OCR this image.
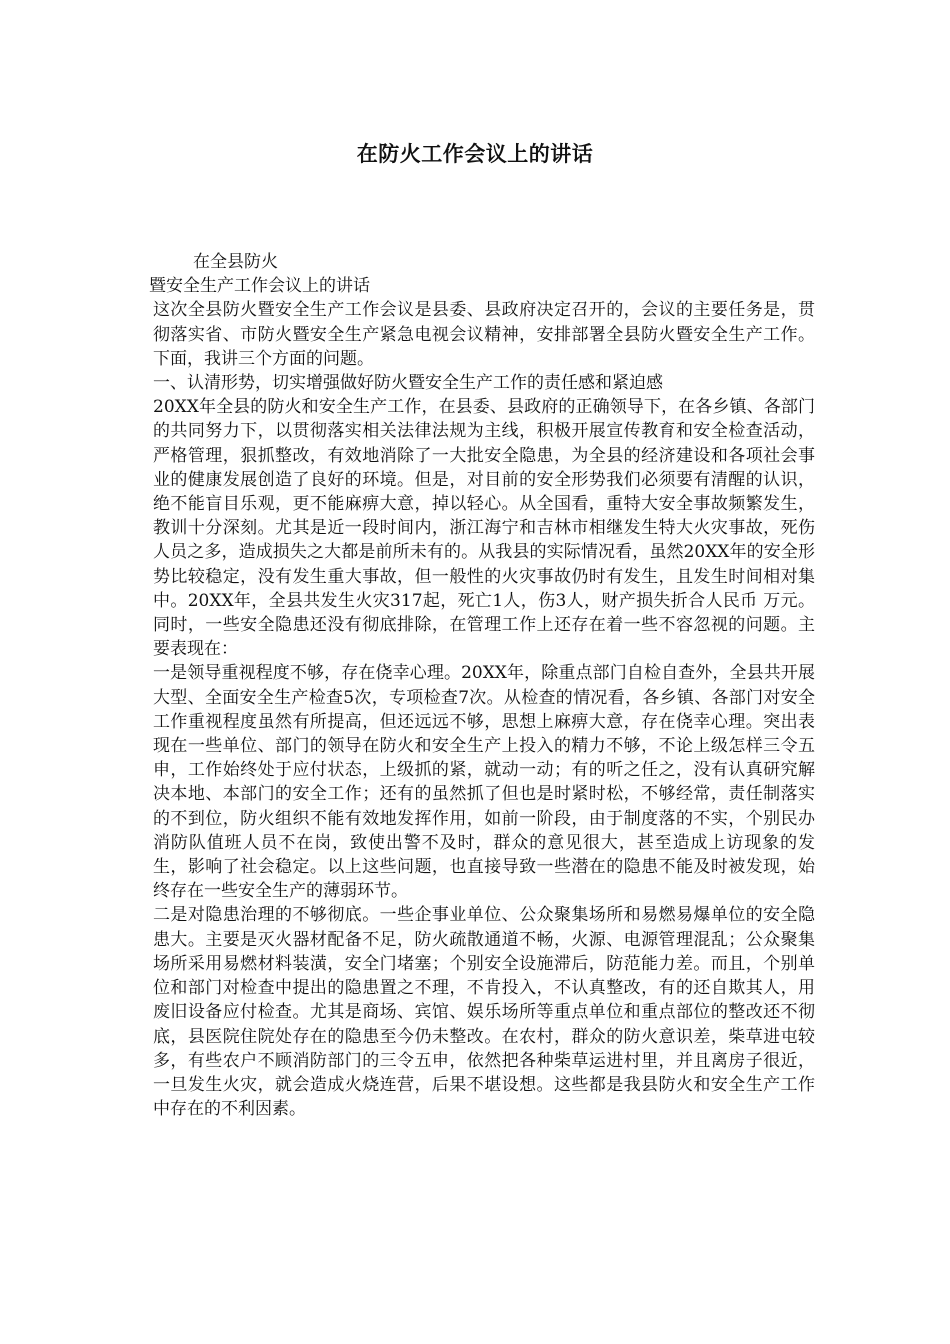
在防火工作会议上的讲话

在全县防火

暨安全生产工作会议上的讲话

这次全县防火暨安全生产工作会议是县委、县政府决定召开的，会议的主要任务是，贯彻落实省、市防火暨安全生产紧急电视会议精神，安排部署全县防火暨安全生产工作。下面，我讲三个方面的问题。

一、认清形势，切实增强做好防火暨安全生产工作的责任感和紧迫感

20XX年全县的防火和安全生产工作，在县委、县政府的正确领导下，在各乡镇、各部门的共同努力下，以贯彻落实相关法律法规为主线，积极开展宣传教育和安全检查活动，严格管理，狠抓整改，有效地消除了一大批安全隐患，为全县的经济建设和各项社会事业的健康发展创造了良好的环境。但是，对目前的安全形势我们必须要有清醒的认识，绝不能盲目乐观，更不能麻痹大意，掉以轻心。从全国看，重特大安全事故频繁发生，教训十分深刻。尤其是近一段时间内，浙江海宁和吉林市相继发生特大火灾事故，死伤人员之多，造成损失之大都是前所未有的。从我县的实际情况看，虽然20XX年的安全形势比较稳定，没有发生重大事故，但一般性的火灾事故仍时有发生，且发生时间相对集中。20XX年，全县共发生火灾317起，死亡1人，伤3人，财产损失折合人民币 万元。同时，一些安全隐患还没有彻底排除，在管理工作上还存在着一些不容忽视的问题。主要表现在：

一是领导重视程度不够，存在侥幸心理。20XX年，除重点部门自检自查外，全县共开展大型、全面安全生产检查5次，专项检查7次。从检查的情况看，各乡镇、各部门对安全工作重视程度虽然有所提高，但还远远不够，思想上麻痹大意，存在侥幸心理。突出表现在一些单位、部门的领导在防火和安全生产上投入的精力不够，不论上级怎样三令五申，工作始终处于应付状态，上级抓的紧，就动一动；有的听之任之，没有认真研究解决本地、本部门的安全工作；还有的虽然抓了但也是时紧时松，不够经常，责任制落实的不到位，防火组织不能有效地发挥作用，如前一阶段，由于制度落的不实，个别民办消防队值班人员不在岗，致使出警不及时，群众的意见很大，甚至造成上访现象的发生，影响了社会稳定。以上这些问题，也直接导致一些潜在的隐患不能及时被发现，始终存在一些安全生产的薄弱环节。

二是对隐患治理的不够彻底。一些企事业单位、公众聚集场所和易燃易爆单位的安全隐患大。主要是灭火器材配备不足，防火疏散通道不畅，火源、电源管理混乱；公众聚集场所采用易燃材料装潢，安全门堵塞；个别安全设施滞后，防范能力差。而且，个别单位和部门对检查中提出的隐患置之不理，不肯投入，不认真整改，有的还自欺其人，用废旧设备应付检查。尤其是商场、宾馆、娱乐场所等重点单位和重点部位的整改还不彻底，县医院住院处存在的隐患至今仍未整改。在农村，群众的防火意识差，柴草进屯较多，有些农户不顾消防部门的三令五申，依然把各种柴草运进村里，并且离房子很近，一旦发生火灾，就会造成火烧连营，后果不堪设想。这些都是我县防火和安全生产工作中存在的不利因素。
